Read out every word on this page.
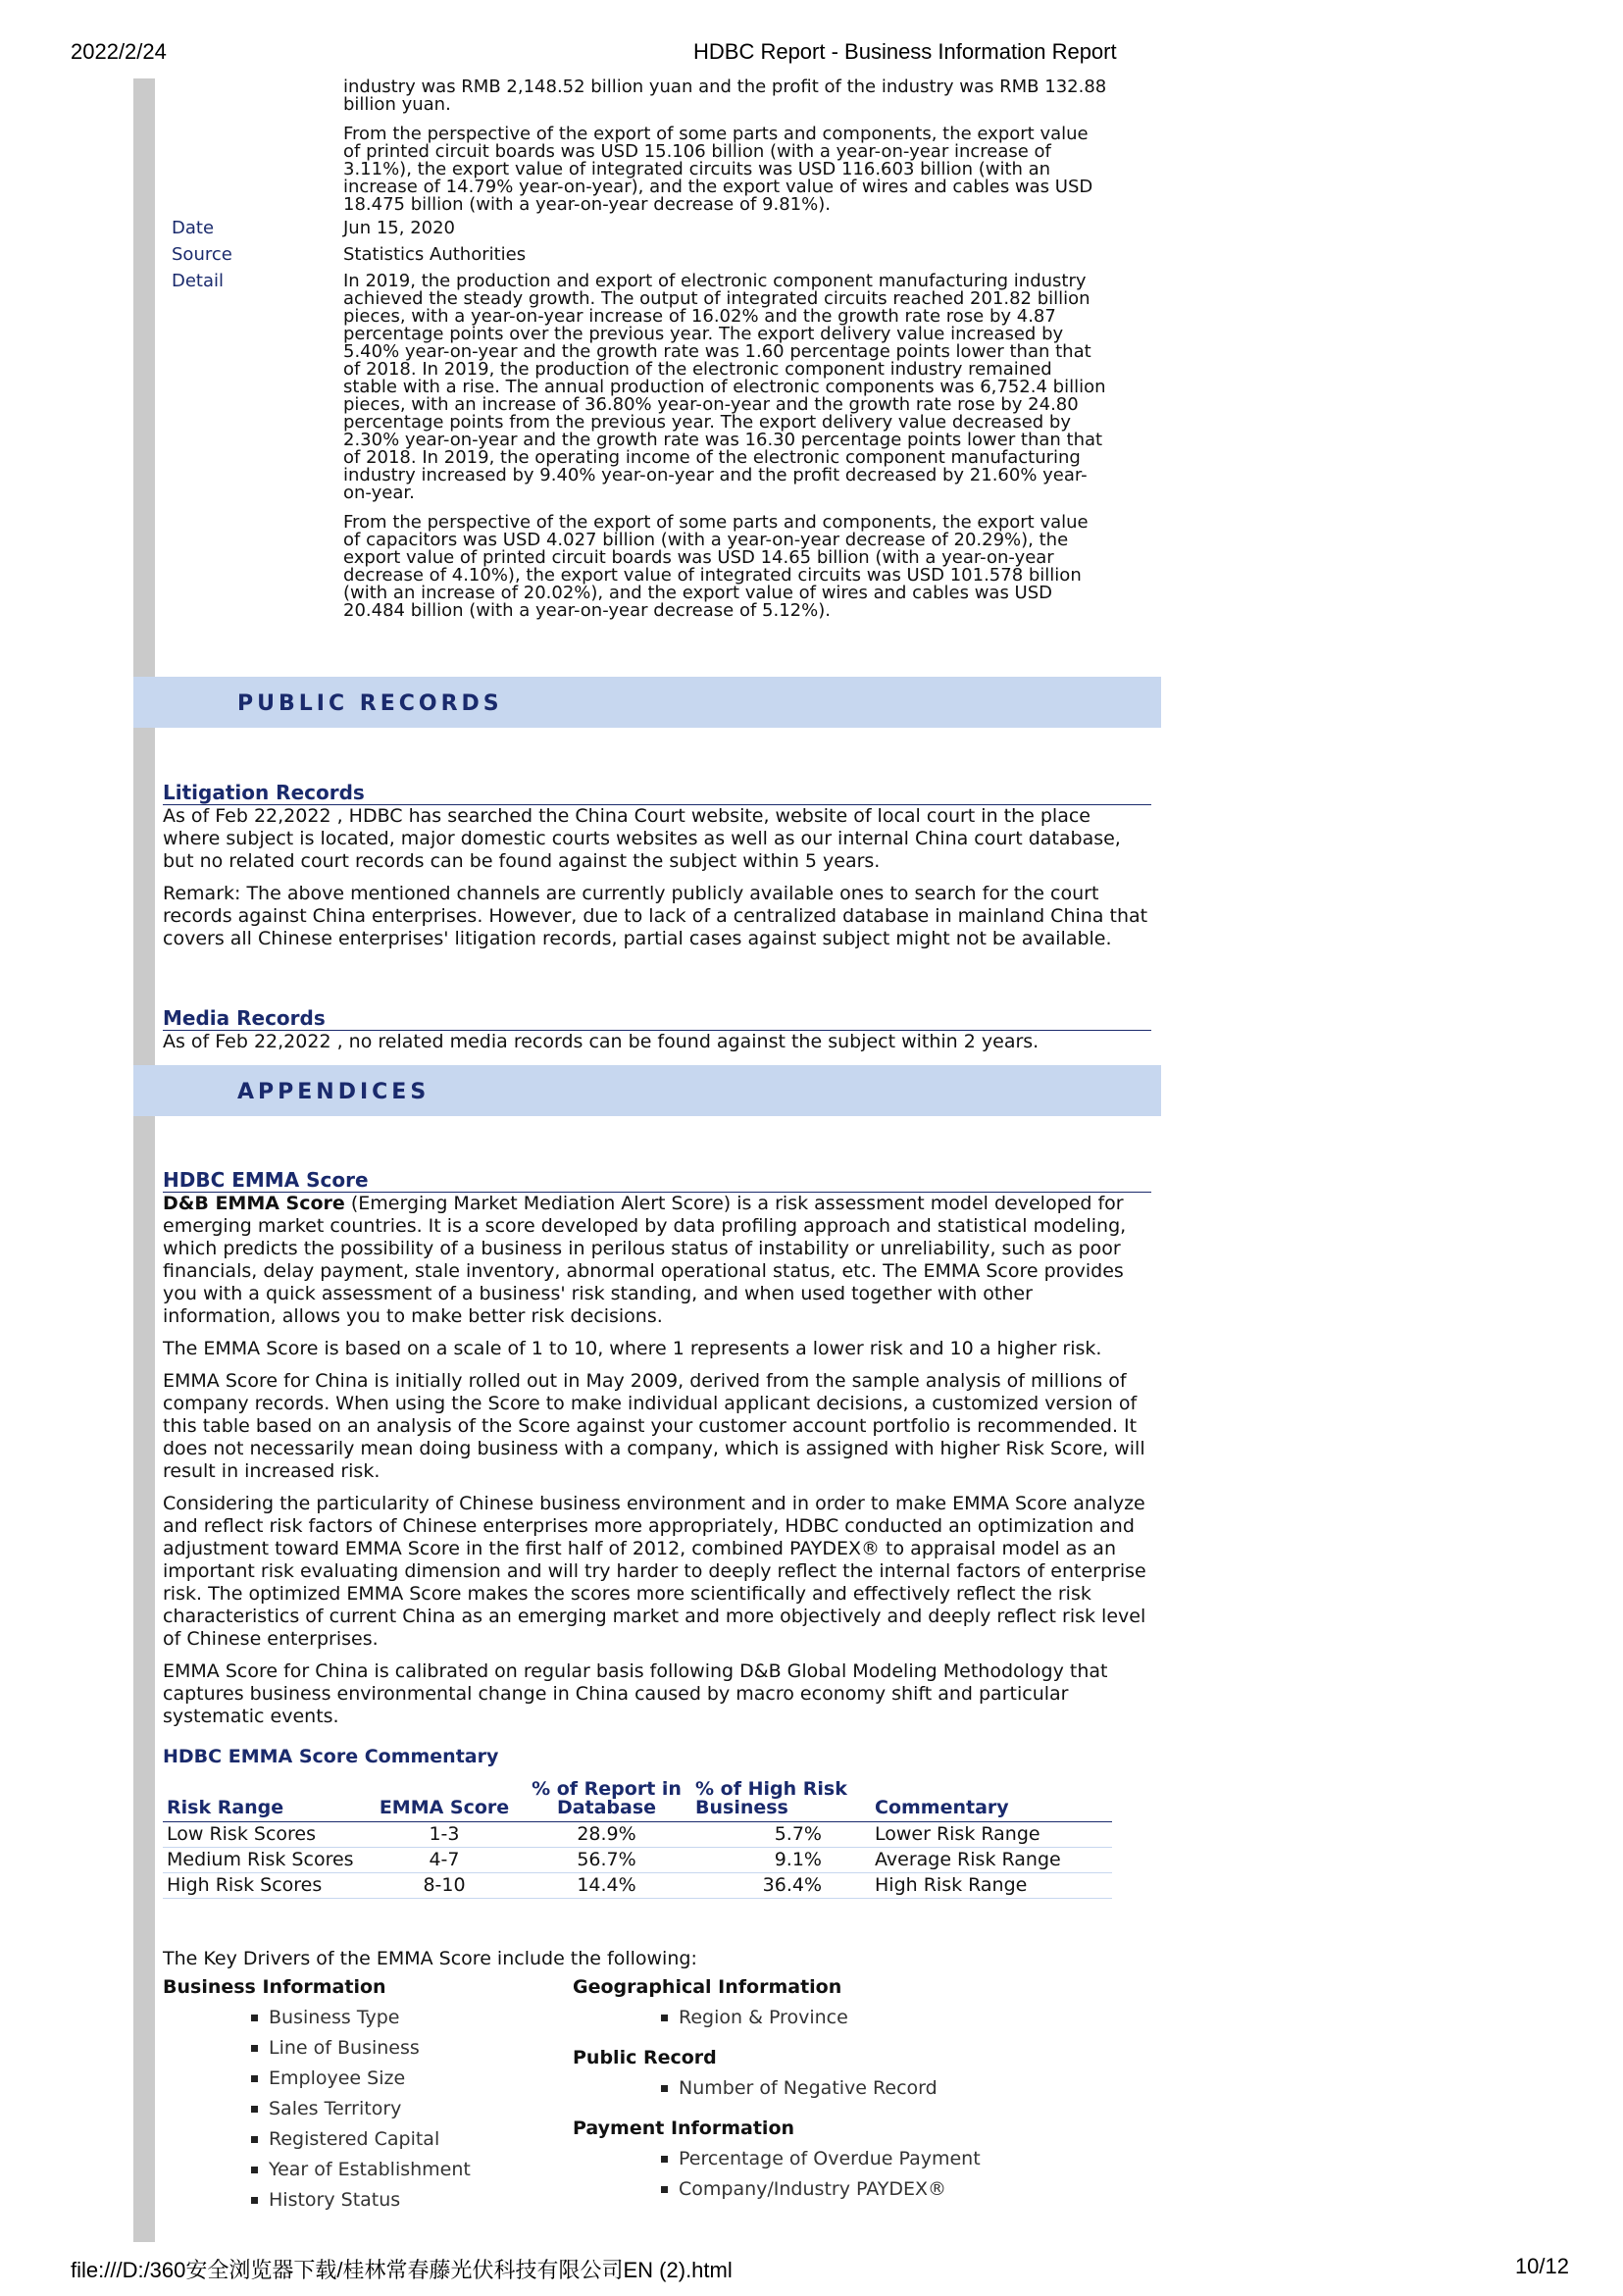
2022/2/24	HDBC Report - Business Information Report

industry was RMB 2,148.52 billion yuan and the profit of the industry was RMB 132.88 billion yuan.

From the perspective of the export of some parts and components, the export value of printed circuit boards was USD 15.106 billion (with a year-on-year increase of 3.11%), the export value of integrated circuits was USD 116.603 billion (with an increase of 14.79% year-on-year), and the export value of wires and cables was USD 18.475 billion (with a year-on-year decrease of 9.81%).

Date	Jun 15, 2020
Source	Statistics Authorities
Detail	In 2019, the production and export of electronic component manufacturing industry achieved the steady growth. The output of integrated circuits reached 201.82 billion pieces, with a year-on-year increase of 16.02% and the growth rate rose by 4.87 percentage points over the previous year. The export delivery value increased by 5.40% year-on-year and the growth rate was 1.60 percentage points lower than that of 2018. In 2019, the production of the electronic component industry remained stable with a rise. The annual production of electronic components was 6,752.4 billion pieces, with an increase of 36.80% year-on-year and the growth rate rose by 24.80 percentage points from the previous year. The export delivery value decreased by 2.30% year-on-year and the growth rate was 16.30 percentage points lower than that of 2018. In 2019, the operating income of the electronic component manufacturing industry increased by 9.40% year-on-year and the profit decreased by 21.60% year-on-year.

From the perspective of the export of some parts and components, the export value of capacitors was USD 4.027 billion (with a year-on-year decrease of 20.29%), the export value of printed circuit boards was USD 14.65 billion (with a year-on-year decrease of 4.10%), the export value of integrated circuits was USD 101.578 billion (with an increase of 20.02%), and the export value of wires and cables was USD 20.484 billion (with a year-on-year decrease of 5.12%).

PUBLIC RECORDS
Litigation Records

As of Feb 22,2022 , HDBC has searched the China Court website, website of local court in the place where subject is located, major domestic courts websites as well as our internal China court database, but no related court records can be found against the subject within 5 years.

Remark: The above mentioned channels are currently publicly available ones to search for the court records against China enterprises. However, due to lack of a centralized database in mainland China that covers all Chinese enterprises' litigation records, partial cases against subject might not be available.

Media Records

As of Feb 22,2022 , no related media records can be found against the subject within 2 years.

APPENDICES
HDBC EMMA Score

D&B EMMA Score (Emerging Market Mediation Alert Score) is a risk assessment model developed for emerging market countries. It is a score developed by data profiling approach and statistical modeling, which predicts the possibility of a business in perilous status of instability or unreliability, such as poor financials, delay payment, stale inventory, abnormal operational status, etc. The EMMA Score provides you with a quick assessment of a business' risk standing, and when used together with other information, allows you to make better risk decisions.

The EMMA Score is based on a scale of 1 to 10, where 1 represents a lower risk and 10 a higher risk.

EMMA Score for China is initially rolled out in May 2009, derived from the sample analysis of millions of company records. When using the Score to make individual applicant decisions, a customized version of this table based on an analysis of the Score against your customer account portfolio is recommended. It does not necessarily mean doing business with a company, which is assigned with higher Risk Score, will result in increased risk.

Considering the particularity of Chinese business environment and in order to make EMMA Score analyze and reflect risk factors of Chinese enterprises more appropriately, HDBC conducted an optimization and adjustment toward EMMA Score in the first half of 2012, combined PAYDEX® to appraisal model as an important risk evaluating dimension and will try harder to deeply reflect the internal factors of enterprise risk. The optimized EMMA Score makes the scores more scientifically and effectively reflect the risk characteristics of current China as an emerging market and more objectively and deeply reflect risk level of Chinese enterprises.

EMMA Score for China is calibrated on regular basis following D&B Global Modeling Methodology that captures business environmental change in China caused by macro economy shift and particular systematic events.

HDBC EMMA Score Commentary
Risk Range	EMMA Score	% of Report in Database	% of High Risk Business	Commentary
Low Risk Scores	1-3	28.9%	5.7%	Lower Risk Range
Medium Risk Scores	4-7	56.7%	9.1%	Average Risk Range
High Risk Scores	8-10	14.4%	36.4%	High Risk Range

The Key Drivers of the EMMA Score include the following:

Business Information
Business Type
Line of Business
Employee Size
Sales Territory
Registered Capital
Year of Establishment
History Status
Geographical Information
Region & Province
Public Record
Number of Negative Record
Payment Information
Percentage of Overdue Payment
Company/Industry PAYDEX®
file:///D:/360安全浏览器下载/桂林常春藤光伏科技有限公司EN (2).html	10/12
